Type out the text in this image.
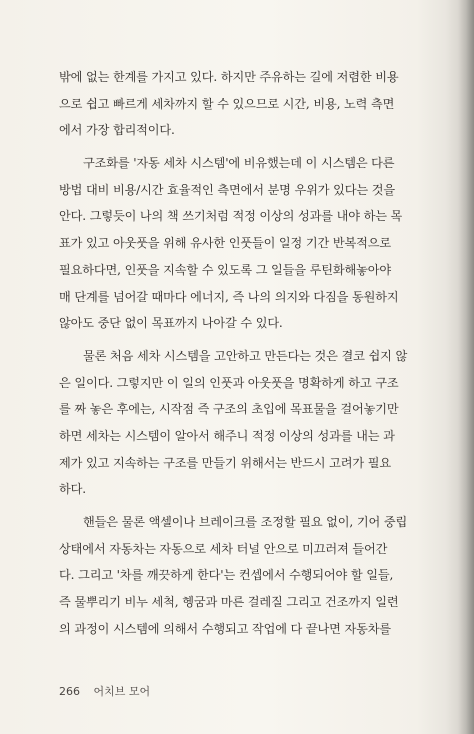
밖에 없는 한계를 가지고 있다. 하지만 주유하는 길에 저렴한 비용
으로 쉽고 빠르게 세차까지 할 수 있으므로 시간, 비용, 노력 측면
에서 가장 합리적이다.
구조화를 '자동 세차 시스템'에 비유했는데 이 시스템은 다른
방법 대비 비용/시간 효율적인 측면에서 분명 우위가 있다는 것을
안다. 그렇듯이 나의 책 쓰기처럼 적정 이상의 성과를 내야 하는 목
표가 있고 아웃풋을 위해 유사한 인풋들이 일정 기간 반복적으로
필요하다면, 인풋을 지속할 수 있도록 그 일들을 루틴화해놓아야
매 단계를 넘어갈 때마다 에너지, 즉 나의 의지와 다짐을 동원하지
않아도 중단 없이 목표까지 나아갈 수 있다.
물론 처음 세차 시스템을 고안하고 만든다는 것은 결코 쉽지 않
은 일이다. 그렇지만 이 일의 인풋과 아웃풋을 명확하게 하고 구조
를 짜 놓은 후에는, 시작점 즉 구조의 초입에 목표물을 걸어놓기만
하면 세차는 시스템이 알아서 해주니 적정 이상의 성과를 내는 과
제가 있고 지속하는 구조를 만들기 위해서는 반드시 고려가 필요
하다.
핸들은 물론 액셀이나 브레이크를 조정할 필요 없이, 기어 중립
상태에서 자동차는 자동으로 세차 터널 안으로 미끄러져 들어간
다. 그리고 '차를 깨끗하게 한다'는 컨셉에서 수행되어야 할 일들,
즉 물뿌리기 비누 세척, 헹굼과 마른 걸레질 그리고 건조까지 일련
의 과정이 시스템에 의해서 수행되고 작업에 다 끝나면 자동차를
266 어치브 모어
